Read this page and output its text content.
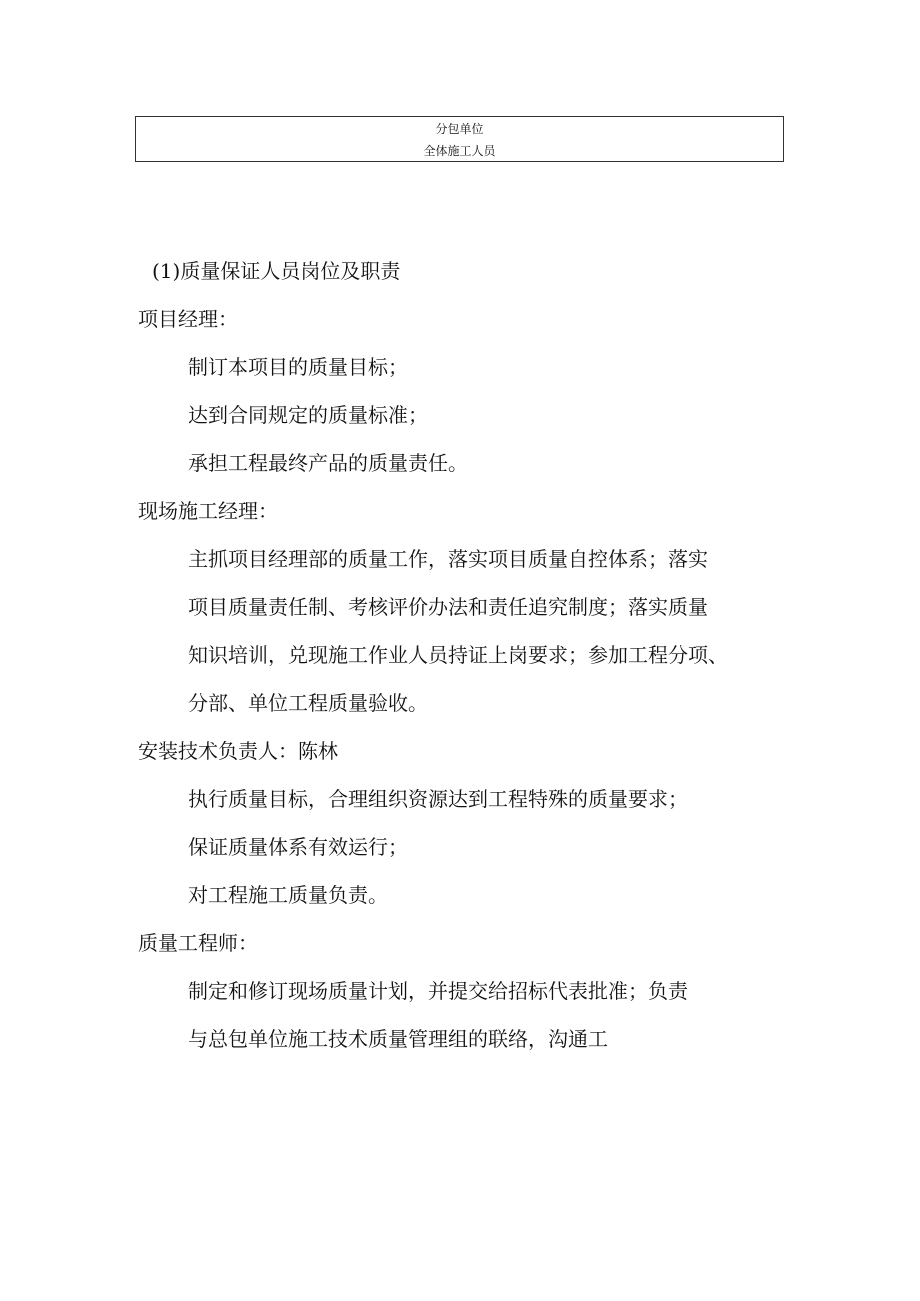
分包单位
全体施工人员
(1)质量保证人员岗位及职责
项目经理：
制订本项目的质量目标；
达到合同规定的质量标准；
承担工程最终产品的质量责任。
现场施工经理：
主抓项目经理部的质量工作，落实项目质量自控体系；落实
项目质量责任制、考核评价办法和责任追究制度；落实质量
知识培训，兑现施工作业人员持证上岗要求；参加工程分项、
分部、单位工程质量验收。
安装技术负责人：陈林
执行质量目标，合理组织资源达到工程特殊的质量要求；
保证质量体系有效运行；
对工程施工质量负责。
质量工程师：
制定和修订现场质量计划，并提交给招标代表批准；负责
与总包单位施工技术质量管理组的联络，沟通工
